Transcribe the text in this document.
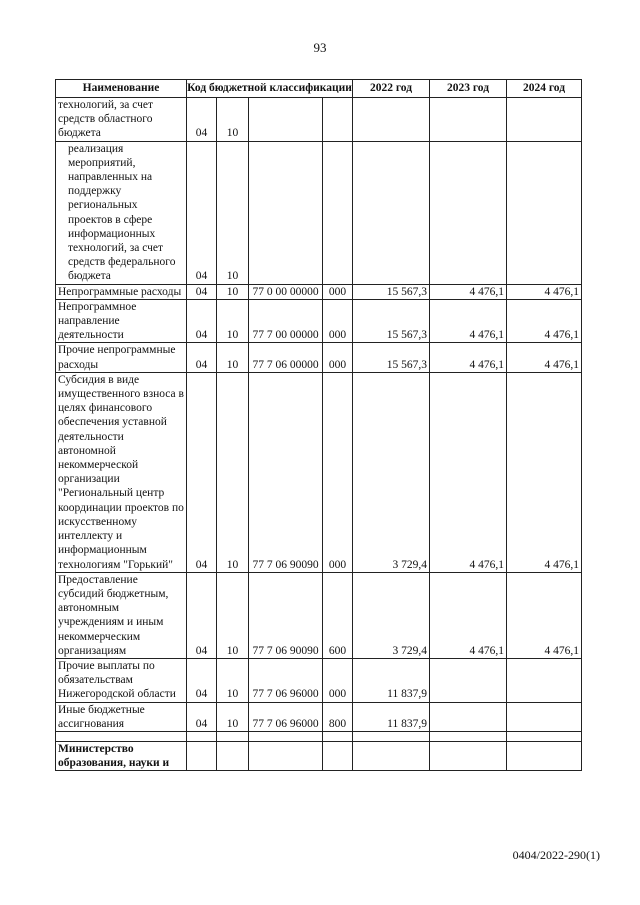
93
Наименование	Код бюджетной классификации				2022 год	2023 год	2024 год

технологий, за счет средств областного бюджета	04	10					

реализация мероприятий, направленных на поддержку региональных проектов в сфере информационных технологий, за счет средств федерального бюджета	04	10					

Непрограммные расходы	04	10	77 0 00 00000	000	15 567,3	4 476,1	4 476,1

Непрограммное направление деятельности	04	10	77 7 00 00000	000	15 567,3	4 476,1	4 476,1

Прочие непрограммные расходы	04	10	77 7 06 00000	000	15 567,3	4 476,1	4 476,1

Субсидия в виде имущественного взноса в целях финансового обеспечения уставной деятельности автономной некоммерческой организации "Региональный центр координации проектов по искусственному интеллекту и информационным технологиям "Горький"	04	10	77 7 06 90090	000	3 729,4	4 476,1	4 476,1

Предоставление субсидий бюджетным, автономным учреждениям и иным некоммерческим организациям	04	10	77 7 06 90090	600	3 729,4	4 476,1	4 476,1

Прочие выплаты по обязательствам Нижегородской области	04	10	77 7 06 96000	000	11 837,9		

Иные бюджетные ассигнования	04	10	77 7 06 96000	800	11 837,9		

Министерство образования, науки и							

0404/2022-290(1)
